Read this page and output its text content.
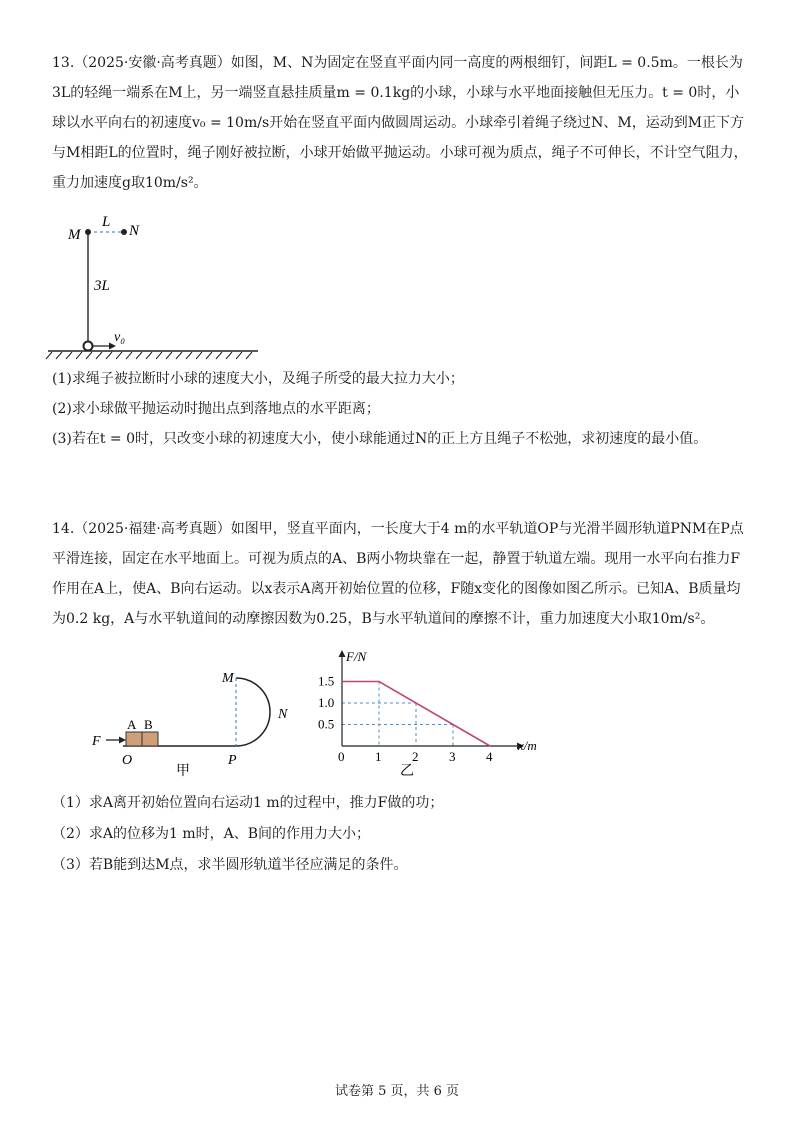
13.（2025·安徽·高考真题）如图，M、N为固定在竖直平面内同一高度的两根细钉，间距L = 0.5m。一根长为3L的轻绳一端系在M上，另一端竖直悬挂质量m = 0.1kg的小球，小球与水平地面接触但无压力。t = 0时，小球以水平向右的初速度v₀ = 10m/s开始在竖直平面内做圆周运动。小球牵引着绳子绕过N、M，运动到M正下方与M相距L的位置时，绳子刚好被拉断，小球开始做平抛运动。小球可视为质点，绳子不可伸长，不计空气阻力，重力加速度g取10m/s²。

M	N
L
3L
v₀

(1)求绳子被拉断时小球的速度大小，及绳子所受的最大拉力大小；

(2)求小球做平抛运动时抛出点到落地点的水平距离；

(3)若在t = 0时，只改变小球的初速度大小，使小球能通过N的正上方且绳子不松弛，求初速度的最小值。

14.（2025·福建·高考真题）如图甲，竖直平面内，一长度大于4 m的水平轨道OP与光滑半圆形轨道PNM在P点平滑连接，固定在水平地面上。可视为质点的A、B两小物块靠在一起，静置于轨道左端。现用一水平向右推力F作用在A上，使A、B向右运动。以x表示A离开初始位置的位移，F随x变化的图像如图乙所示。已知A、B质量均为0.2 kg，A与水平轨道间的动摩擦因数为0.25，B与水平轨道间的摩擦不计，重力加速度大小取10m/s²。

A B
F
O	P
M
N
甲
F/N
x/m
乙
0 1 2 3 4
0.5
1.0
1.5

（1）求A离开初始位置向右运动1 m的过程中，推力F做的功；

（2）求A的位移为1 m时，A、B间的作用力大小；

（3）若B能到达M点，求半圆形轨道半径应满足的条件。

试卷第 5 页，共 6 页
